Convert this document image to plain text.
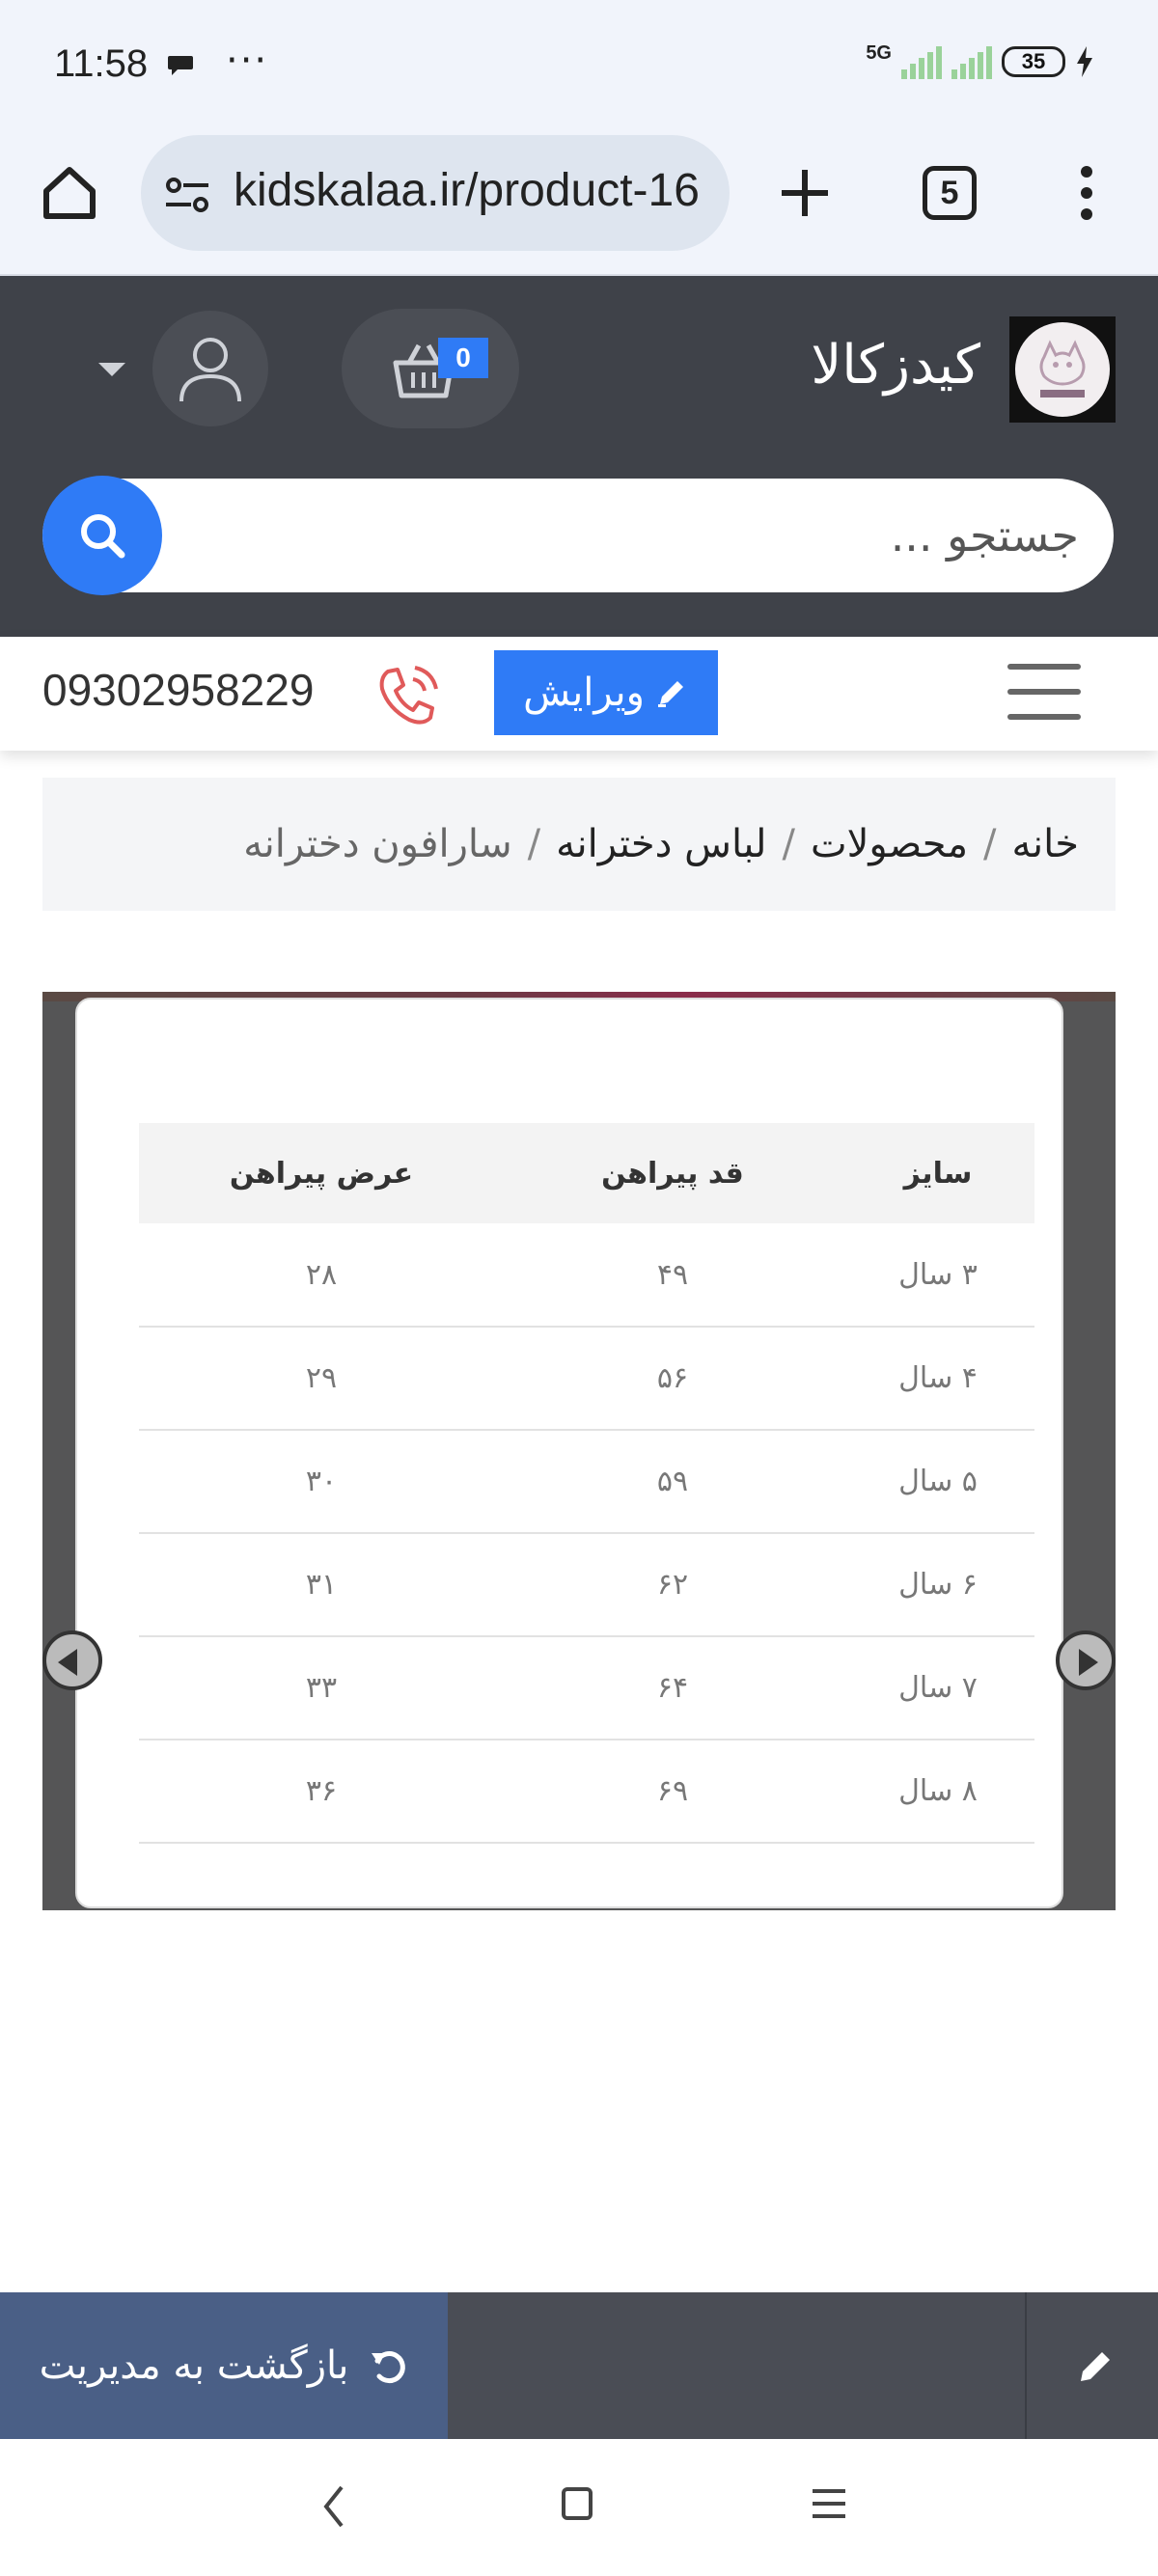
11:58 ···	5G	35
kidskalaa.ir/product-16	5
کیدزکالا
0
جستجو ...
09302958229	ویرایش
خانه
/
محصولات
/
لباس دخترانه
/
سارافون دخترانه
سایز	قد پیراهن	عرض پیراهن
۳ سال	۴۹	۲۸
۴ سال	۵۶	۲۹
۵ سال	۵۹	۳۰
۶ سال	۶۲	۳۱
۷ سال	۶۴	۳۳
۸ سال	۶۹	۳۶
بازگشت به مدیریت
